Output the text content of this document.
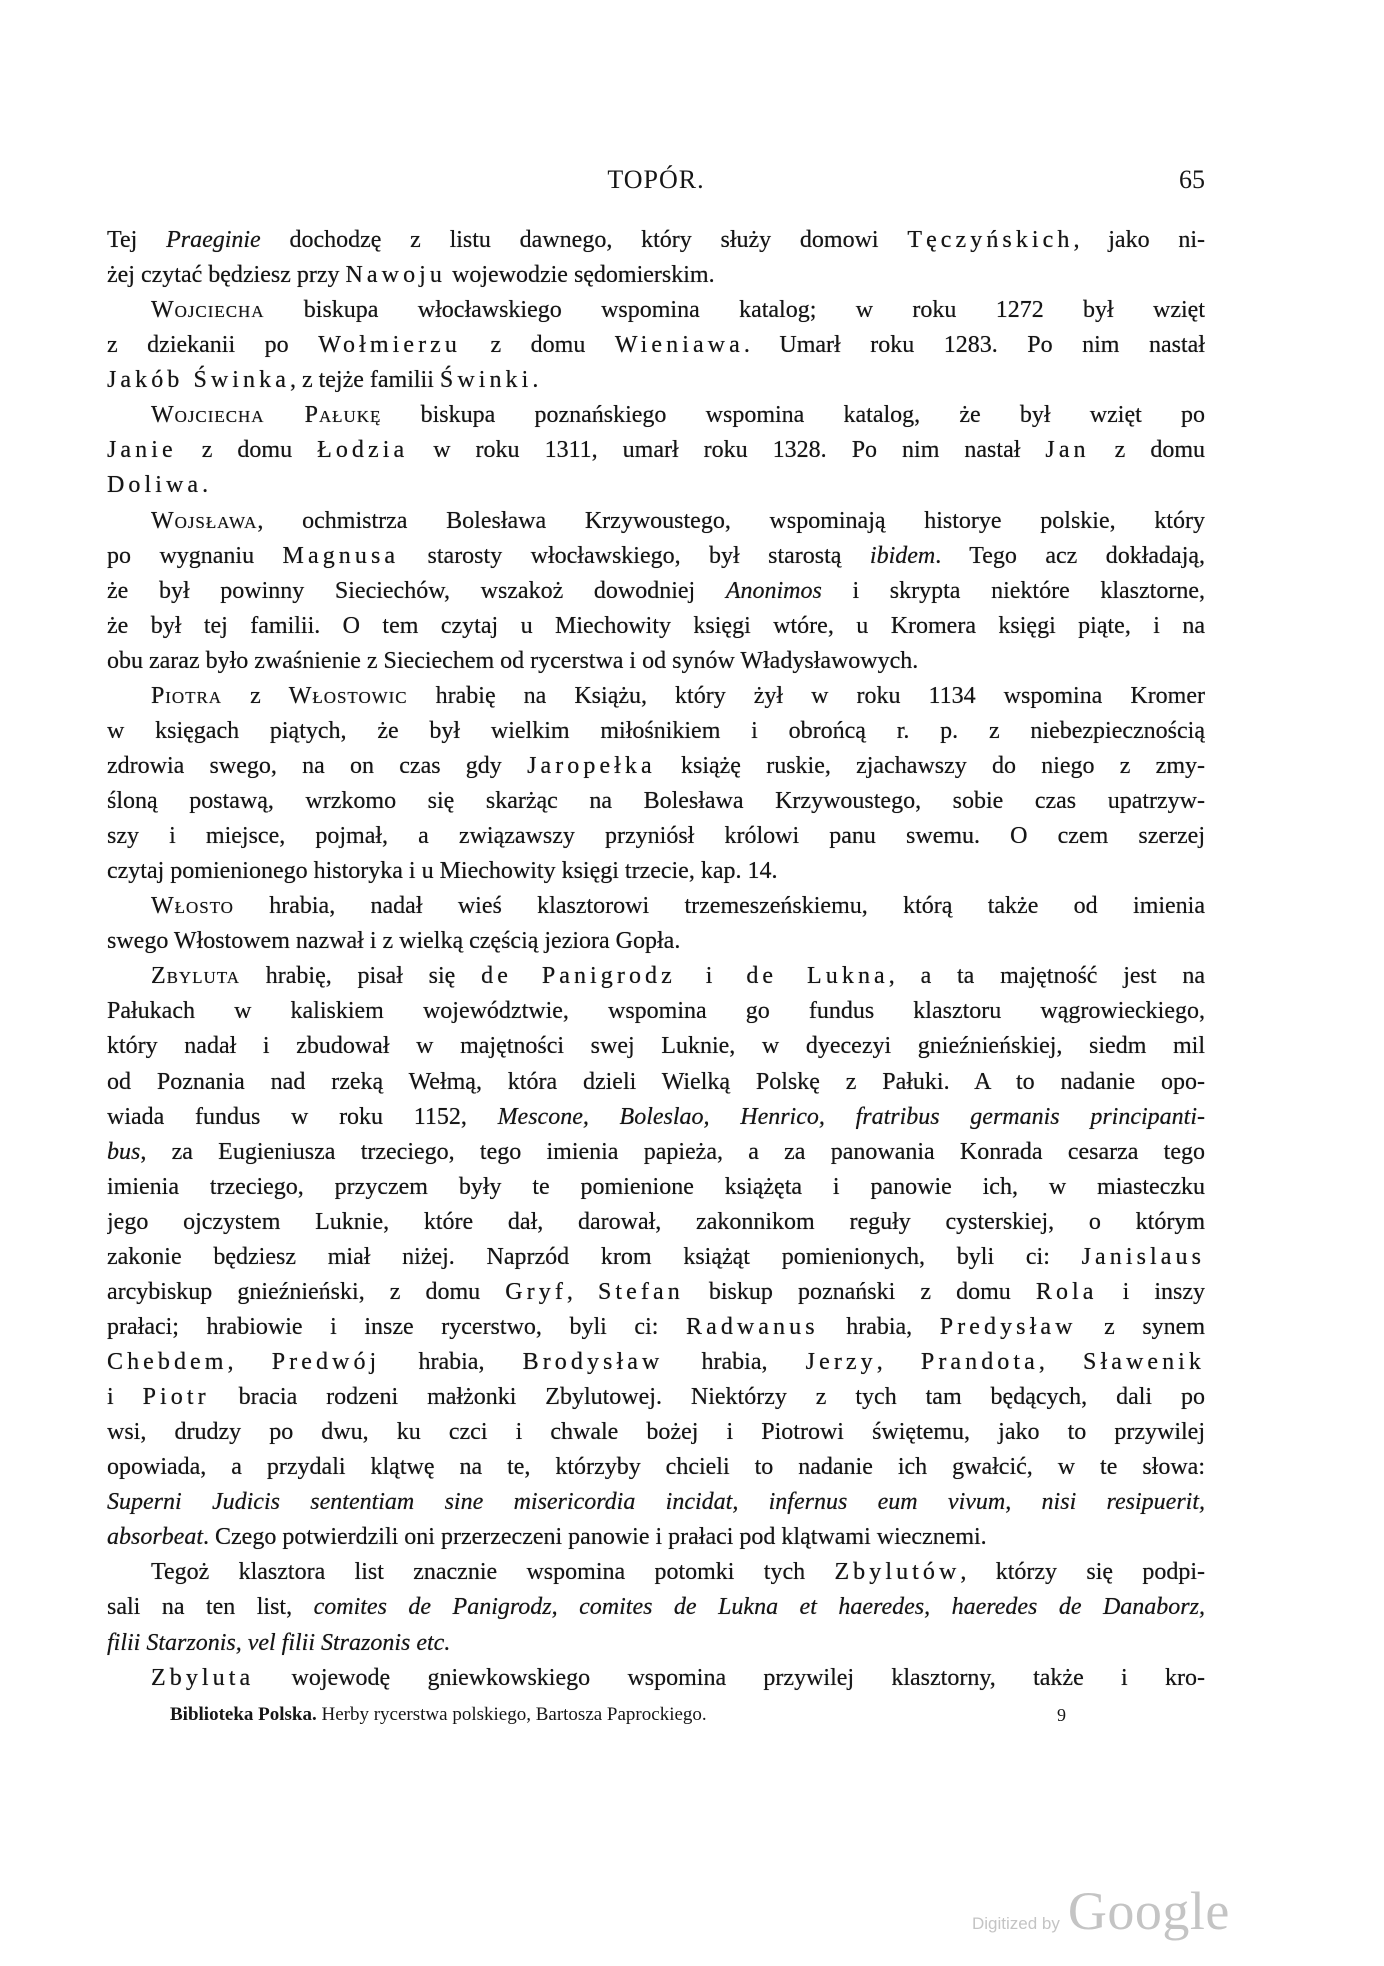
TOPÓR.	65
Tej Praeginie dochodzę z listu dawnego, który służy domowi Tęczyńskich, jako ni-
żej czytać będziesz przy Nawoju wojewodzie sędomierskim.
Wojciecha biskupa włocławskiego wspomina katalog; w roku 1272 był wzięt
z dziekanii po Wołmierzu z domu Wieniawa. Umarł roku 1283. Po nim nastał
Jakób Świnka, z tejże familii Świnki.
Wojciecha Pałukę biskupa poznańskiego wspomina katalog, że był wzięt po
Janie z domu Łodzia w roku 1311, umarł roku 1328. Po nim nastał Jan z domu
Doliwa.
Wojsława, ochmistrza Bolesława Krzywoustego, wspominają historye polskie, który
po wygnaniu Magnusa starosty włocławskiego, był starostą ibidem. Tego acz dokładają,
że był powinny Sieciechów, wszakoż dowodniej Anonimos i skrypta niektóre klasztorne,
że był tej familii. O tem czytaj u Miechowity księgi wtóre, u Kromera księgi piąte, i na
obu zaraz było zwaśnienie z Sieciechem od rycerstwa i od synów Władysławowych.
Piotra z Włostowic hrabię na Książu, który żył w roku 1134 wspomina Kromer
w księgach piątych, że był wielkim miłośnikiem i obrońcą r. p. z niebezpiecznością
zdrowia swego, na on czas gdy Jaropełka książę ruskie, zjachawszy do niego z zmy-
śloną postawą, wrzkomo się skarżąc na Bolesława Krzywoustego, sobie czas upatrzyw-
szy i miejsce, pojmał, a związawszy przyniósł królowi panu swemu. O czem szerzej
czytaj pomienionego historyka i u Miechowity księgi trzecie, kap. 14.
Włosto hrabia, nadał wieś klasztorowi trzemeszeńskiemu, którą także od imienia
swego Włostowem nazwał i z wielką częścią jeziora Gopła.
Zbyluta hrabię, pisał się de Panigrodz i de Lukna, a ta majętność jest na
Pałukach w kaliskiem województwie, wspomina go fundus klasztoru wągrowieckiego,
który nadał i zbudował w majętności swej Luknie, w dyecezyi gnieźnieńskiej, siedm mil
od Poznania nad rzeką Wełmą, która dzieli Wielką Polskę z Pałuki. A to nadanie opo-
wiada fundus w roku 1152, Mescone, Boleslao, Henrico, fratribus germanis principanti-
bus, za Eugieniusza trzeciego, tego imienia papieża, a za panowania Konrada cesarza tego
imienia trzeciego, przyczem były te pomienione książęta i panowie ich, w miasteczku
jego ojczystem Luknie, które dał, darował, zakonnikom reguły cysterskiej, o którym
zakonie będziesz miał niżej. Naprzód krom książąt pomienionych, byli ci: Janislaus
arcybiskup gnieźnieński, z domu Gryf, Stefan biskup poznański z domu Rola i inszy
prałaci; hrabiowie i insze rycerstwo, byli ci: Radwanus hrabia, Predysław z synem
Chebdem, Predwój hrabia, Brodysław hrabia, Jerzy, Prandota, Sławenik
i Piotr bracia rodzeni małżonki Zbylutowej. Niektórzy z tych tam będących, dali po
wsi, drudzy po dwu, ku czci i chwale bożej i Piotrowi świętemu, jako to przywilej
opowiada, a przydali klątwę na te, którzyby chcieli to nadanie ich gwałcić, w te słowa:
Superni Judicis sententiam sine misericordia incidat, infernus eum vivum, nisi resipuerit,
absorbeat. Czego potwierdzili oni przerzeczeni panowie i prałaci pod klątwami wiecznemi.
Tegoż klasztora list znacznie wspomina potomki tych Zbylutów, którzy się podpi-
sali na ten list, comites de Panigrodz, comites de Lukna et haeredes, haeredes de Danaborz,
filii Starzonis, vel filii Strazonis etc.
Zbyluta wojewodę gniewkowskiego wspomina przywilej klasztorny, także i kro-
Biblioteka Polska. Herby rycerstwa polskiego, Bartosza Paprockiego.	9
Digitized by Google
